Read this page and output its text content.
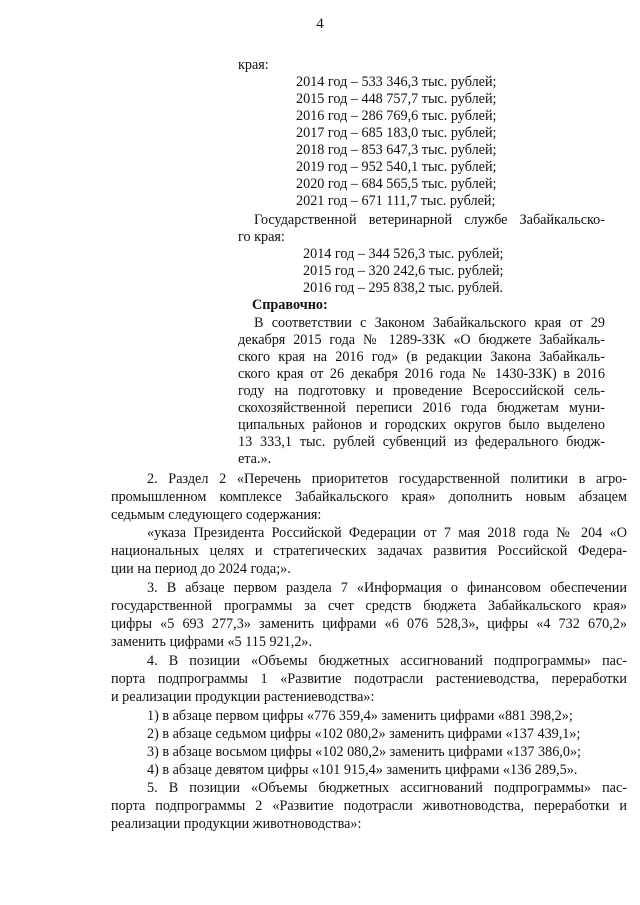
4
края:
2014 год – 533 346,3 тыс. рублей;
2015 год – 448 757,7 тыс. рублей;
2016 год – 286 769,6 тыс. рублей;
2017 год – 685 183,0 тыс. рублей;
2018 год – 853 647,3 тыс. рублей;
2019 год – 952 540,1 тыс. рублей;
2020 год – 684 565,5 тыс. рублей;
2021 год – 671 111,7 тыс. рублей;
Государственной ветеринарной службе Забайкальско-
го края:
2014 год – 344 526,3 тыс. рублей;
2015 год – 320 242,6 тыс. рублей;
2016 год – 295 838,2 тыс. рублей.
Справочно:
В соответствии с Законом Забайкальского края от 29
декабря 2015 года № 1289-ЗЗК «О бюджете Забайкаль-
ского края на 2016 год» (в редакции Закона Забайкаль-
ского края от 26 декабря 2016 года № 1430-ЗЗК) в 2016
году на подготовку и проведение Всероссийской сель-
скохозяйственной переписи 2016 года бюджетам муни-
ципальных районов и городских округов было выделено
13 333,1 тыс. рублей субвенций из федерального бюдж-
ета.».
2. Раздел 2 «Перечень приоритетов государственной политики в агро-
промышленном комплексе Забайкальского края» дополнить новым абзацем
седьмым следующего содержания:
«указа Президента Российской Федерации от 7 мая 2018 года № 204 «О
национальных целях и стратегических задачах развития Российской Федера-
ции на период до 2024 года;».
3. В абзаце первом раздела 7 «Информация о финансовом обеспечении
государственной программы за счет средств бюджета Забайкальского края»
цифры «5 693 277,3» заменить цифрами «6 076 528,3», цифры «4 732 670,2»
заменить цифрами «5 115 921,2».
4. В позиции «Объемы бюджетных ассигнований подпрограммы» пас-
порта подпрограммы 1 «Развитие подотрасли растениеводства, переработки
и реализации продукции растениеводства»:
1) в абзаце первом цифры «776 359,4» заменить цифрами «881 398,2»;
2) в абзаце седьмом цифры «102 080,2» заменить цифрами «137 439,1»;
3) в абзаце восьмом цифры «102 080,2» заменить цифрами «137 386,0»;
4) в абзаце девятом цифры «101 915,4» заменить цифрами «136 289,5».
5. В позиции «Объемы бюджетных ассигнований подпрограммы» пас-
порта подпрограммы 2 «Развитие подотрасли животноводства, переработки и
реализации продукции животноводства»:
